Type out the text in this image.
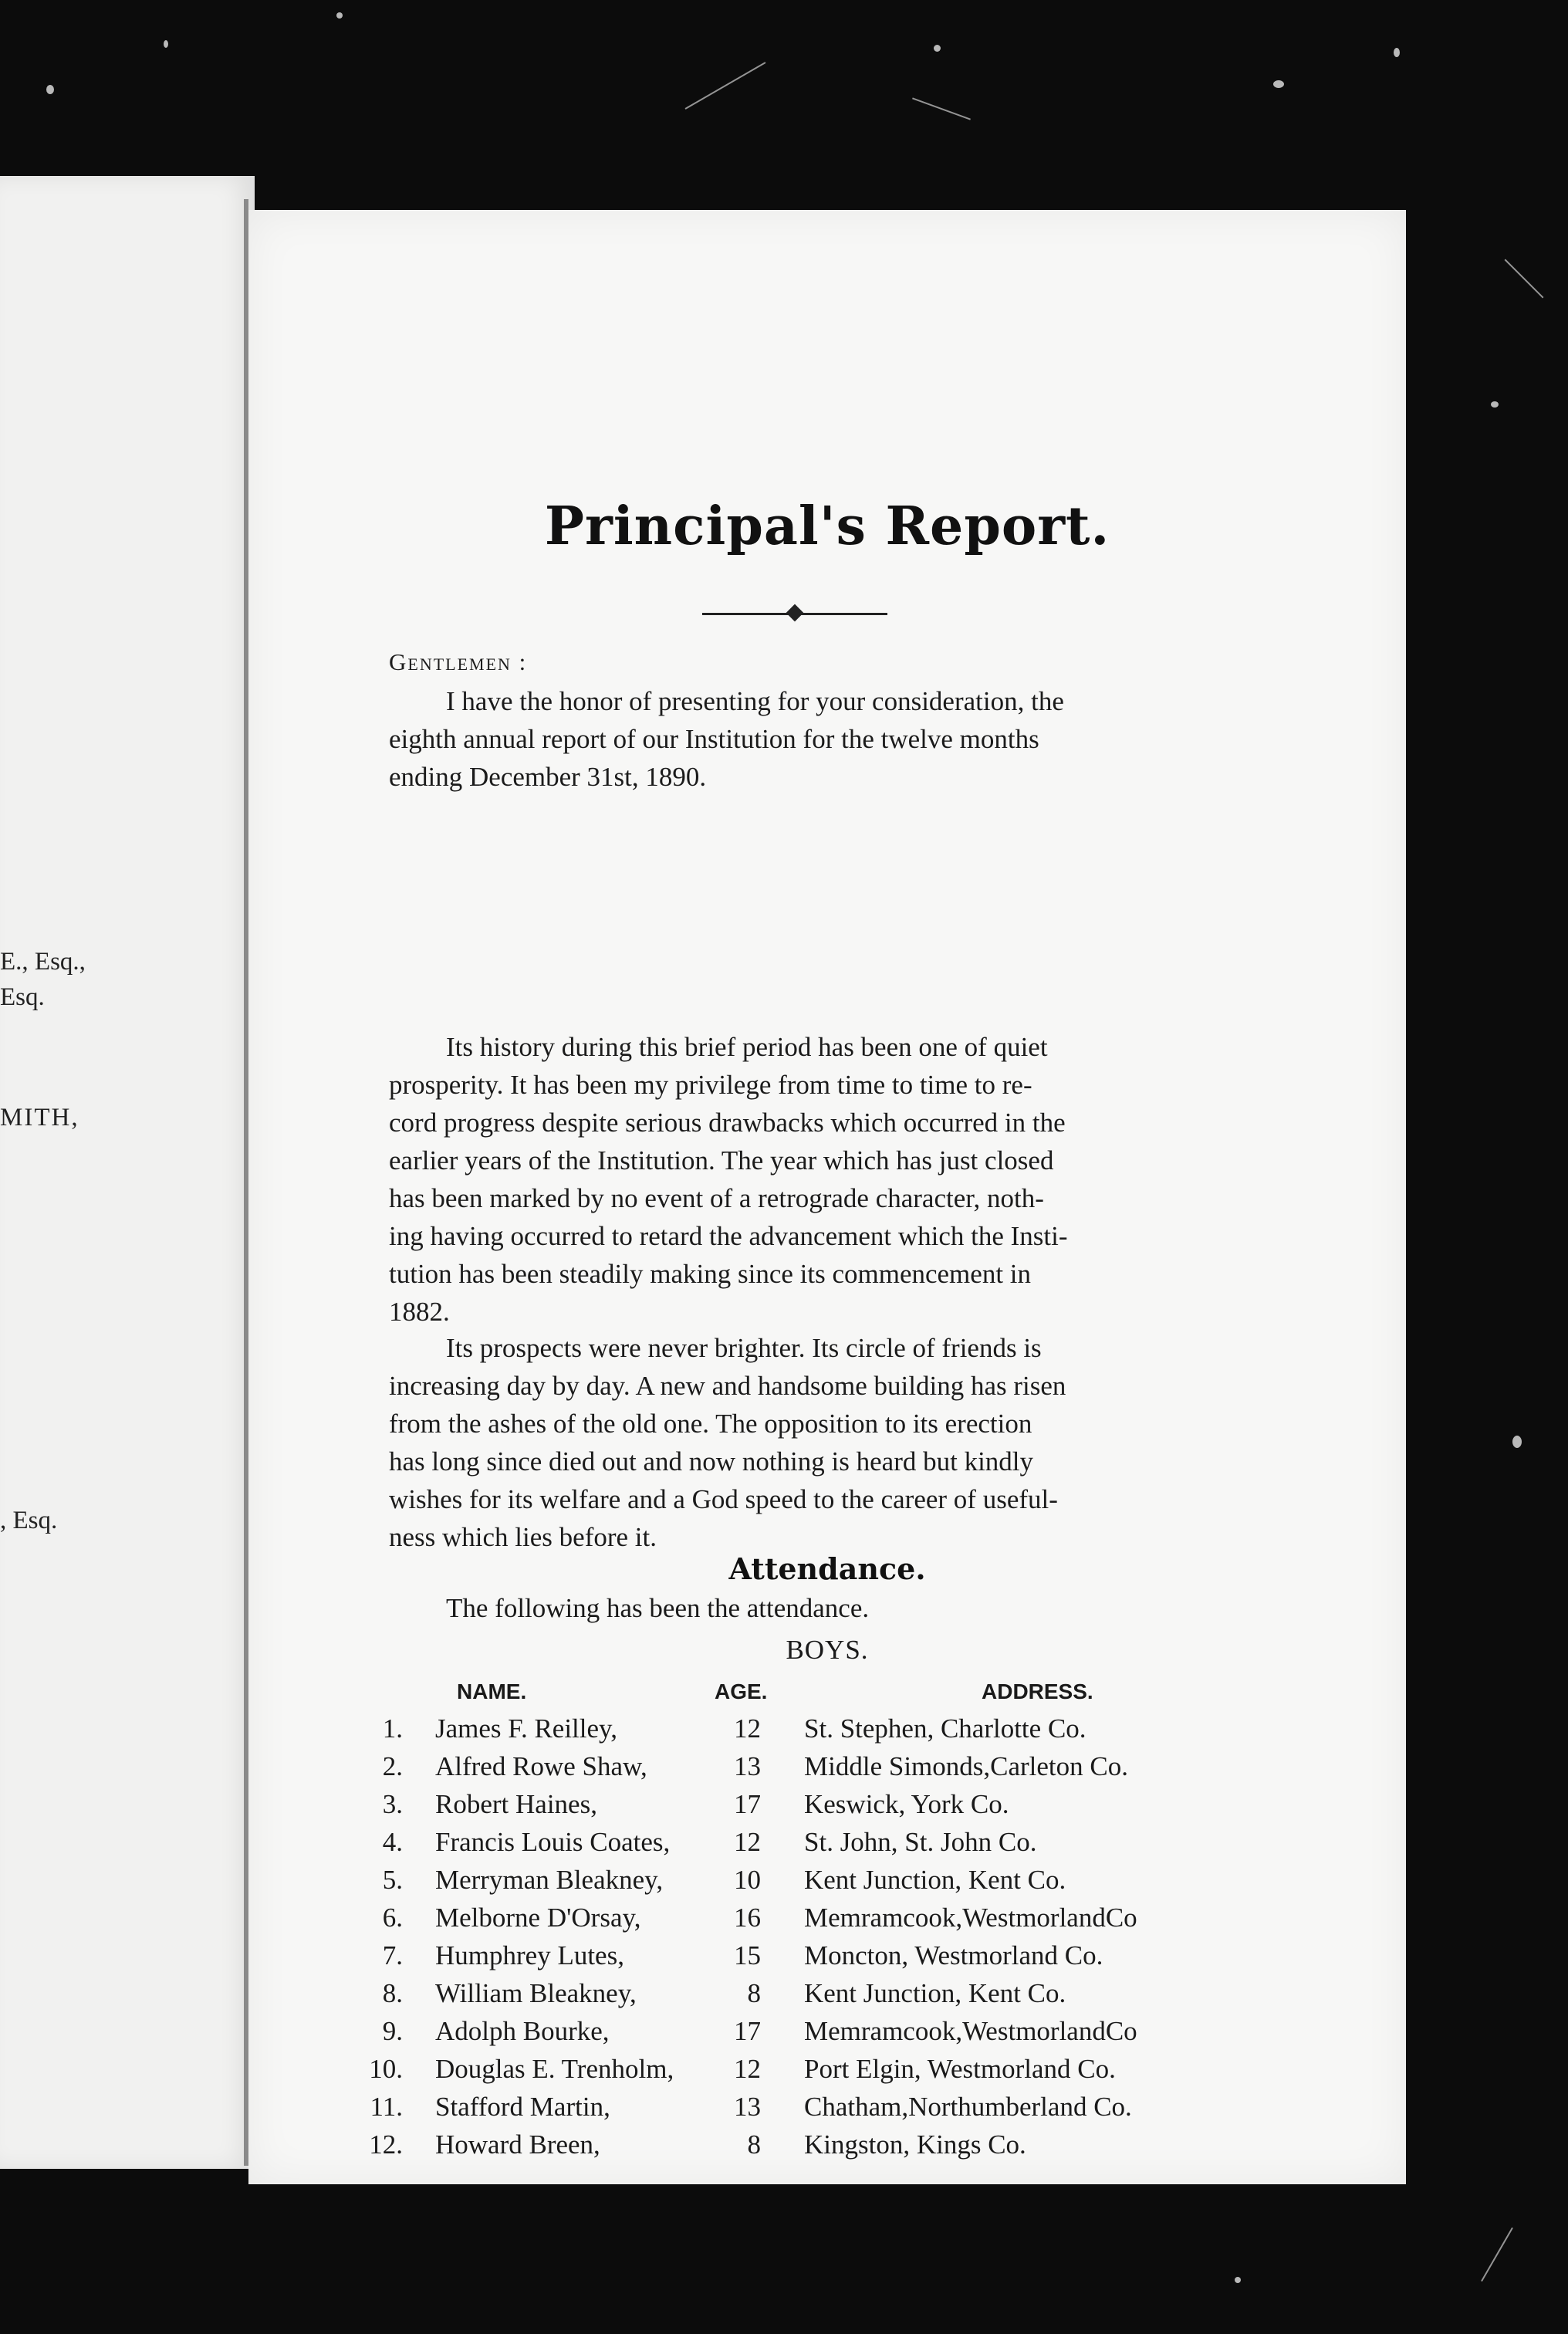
E., Esq.,
Esq.
MITH,
, Esq.
Principal's Report.
Gentlemen :
I have the honor of presenting for your consideration, the
eighth annual report of our Institution for the twelve months
ending December 31st, 1890.
Its history during this brief period has been one of quiet
prosperity. It has been my privilege from time to time to re-
cord progress despite serious drawbacks which occurred in the
earlier years of the Institution. The year which has just closed
has been marked by no event of a retrograde character, noth-
ing having occurred to retard the advancement which the Insti-
tution has been steadily making since its commencement in
1882.
Its prospects were never brighter. Its circle of friends is
increasing day by day. A new and handsome building has risen
from the ashes of the old one. The opposition to its erection
has long since died out and now nothing is heard but kindly
wishes for its welfare and a God speed to the career of useful-
ness which lies before it.
Attendance.
The following has been the attendance.
BOYS.
NAME.	AGE.	ADDRESS.
1. James F. Reilley,	12 St. Stephen, Charlotte Co.
2. Alfred Rowe Shaw,	13 Middle Simonds,Carleton Co.
3. Robert Haines,	17 Keswick, York Co.
4. Francis Louis Coates,	12 St. John, St. John Co.
5. Merryman Bleakney,	10 Kent Junction, Kent Co.
6. Melborne D'Orsay,	16 Memramcook,WestmorlandCo
7. Humphrey Lutes,	15 Moncton, Westmorland Co.
8. William Bleakney,	8 Kent Junction, Kent Co.
9. Adolph Bourke,	17 Memramcook,WestmorlandCo
10. Douglas E. Trenholm,	12 Port Elgin, Westmorland Co.
11. Stafford Martin,	13 Chatham,Northumberland Co.
12. Howard Breen,	8 Kingston, Kings Co.
